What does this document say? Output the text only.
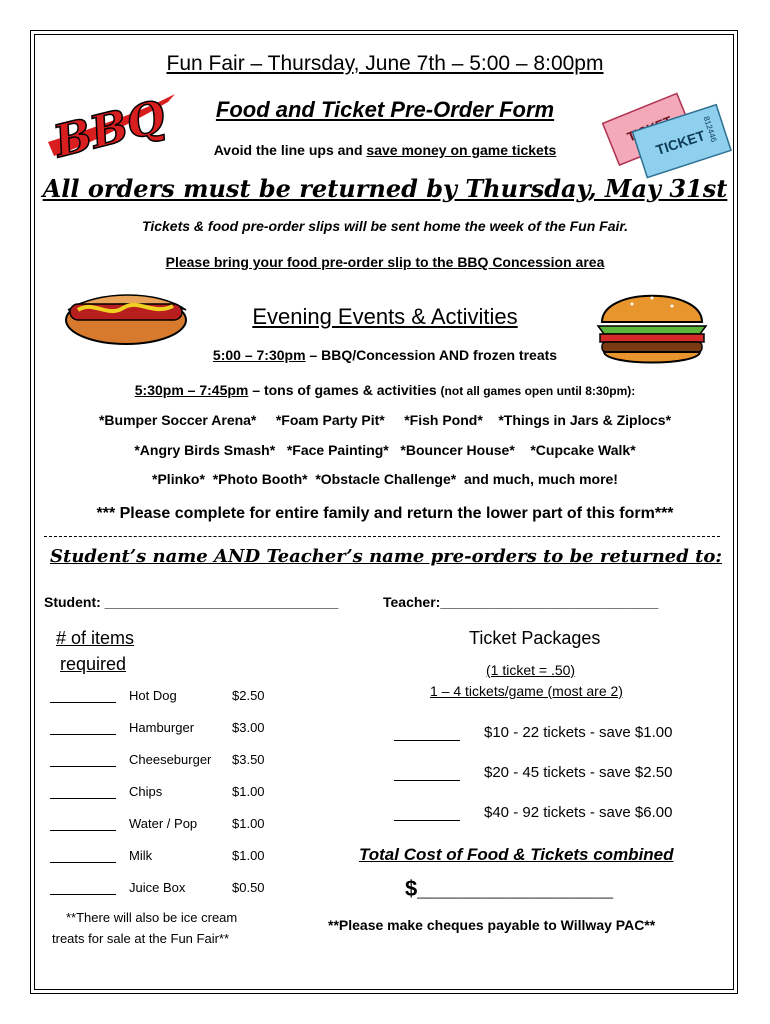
BBQ	TICKET
812446
Fun Fair – Thursday, June 7th – 5:00 – 8:00pm
Food and Ticket Pre-Order Form
Avoid the line ups and save money on game tickets
All orders must be returned by Thursday, May 31st
Tickets & food pre-order slips will be sent home the week of the Fun Fair.
Please bring your food pre-order slip to the BBQ Concession area
Evening Events & Activities
5:00 – 7:30pm – BBQ/Concession AND frozen treats
5:30pm – 7:45pm – tons of games & activities (not all games open until 8:30pm):
*Bumper Soccer Arena*     *Foam Party Pit*     *Fish Pond*    *Things in Jars & Ziplocs*
*Angry Birds Smash*   *Face Painting*   *Bouncer House*    *Cupcake Walk*
*Plinko*  *Photo Booth*  *Obstacle Challenge*  and much, much more!
*** Please complete for entire family and return the lower part of this form***
Student’s name AND Teacher’s name pre-orders to be returned to:
Student: ______________________________	Teacher:____________________________
# of items
required
Hot Dog	$2.50
Hamburger	$3.00
Cheeseburger $3.50
Chips	$1.00
Water / Pop	$1.00
Milk	$1.00
Juice Box	$0.50
**There will also be ice cream
treats for sale at the Fun Fair**
Ticket Packages
(1 ticket = .50)
1 – 4 tickets/game (most are 2)
$10 - 22 tickets - save $1.00
$20 - 45 tickets - save $2.50
$40 - 92 tickets - save $6.00
Total Cost of Food & Tickets combined
$________________
**Please make cheques payable to Willway PAC**
